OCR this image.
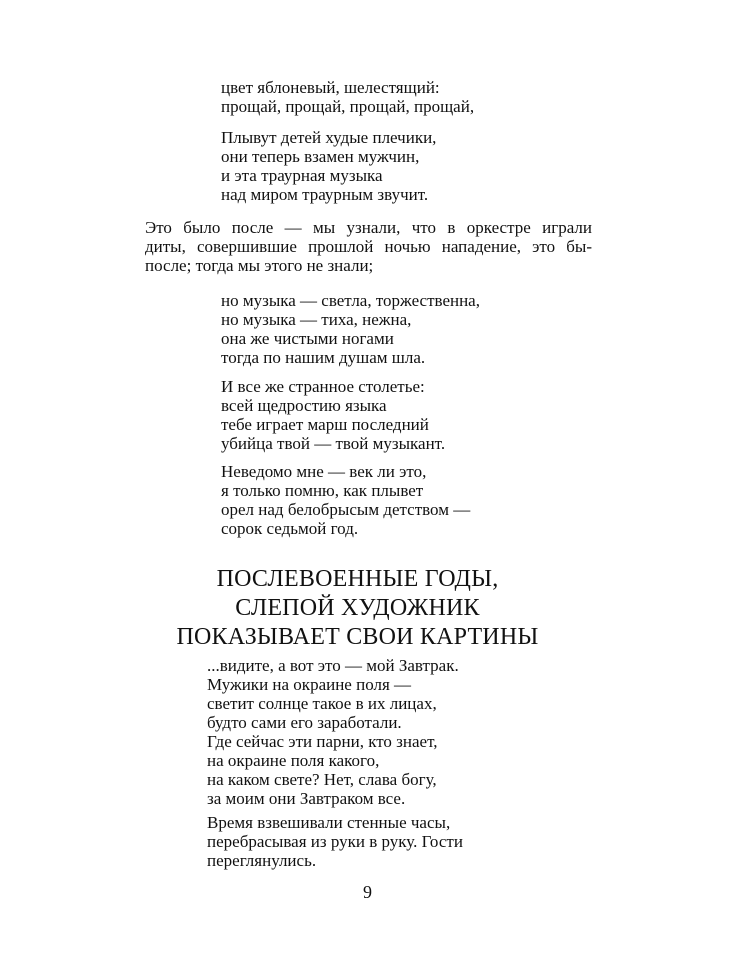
цвет яблоневый, шелестящий:
прощай, прощай, прощай, прощай,
Плывут детей худые плечики,
они теперь взамен мужчин,
и эта траурная музыка
над миром траурным звучит.
Это было после — мы узнали, что в оркестре играли
диты, совершившие прошлой ночью нападение, это бы-
после; тогда мы этого не знали;
но музыка — светла, торжественна,
но музыка — тиха, нежна,
она же чистыми ногами
тогда по нашим душам шла.
И все же странное столетье:
всей щедростию языка
тебе играет марш последний
убийца твой — твой музыкант.
Неведомо мне — век ли это,
я только помню, как плывет
орел над белобрысым детством —
сорок седьмой год.
ПОСЛЕВОЕННЫЕ ГОДЫ,
СЛЕПОЙ ХУДОЖНИК
ПОКАЗЫВАЕТ СВОИ КАРТИНЫ
...видите, а вот это — мой Завтрак.
Мужики на окраине поля —
светит солнце такое в их лицах,
будто сами его заработали.
Где сейчас эти парни, кто знает,
на окраине поля какого,
на каком свете? Нет, слава богу,
за моим они Завтраком все.
Время взвешивали стенные часы,
перебрасывая из руки в руку. Гости
переглянулись.
9
